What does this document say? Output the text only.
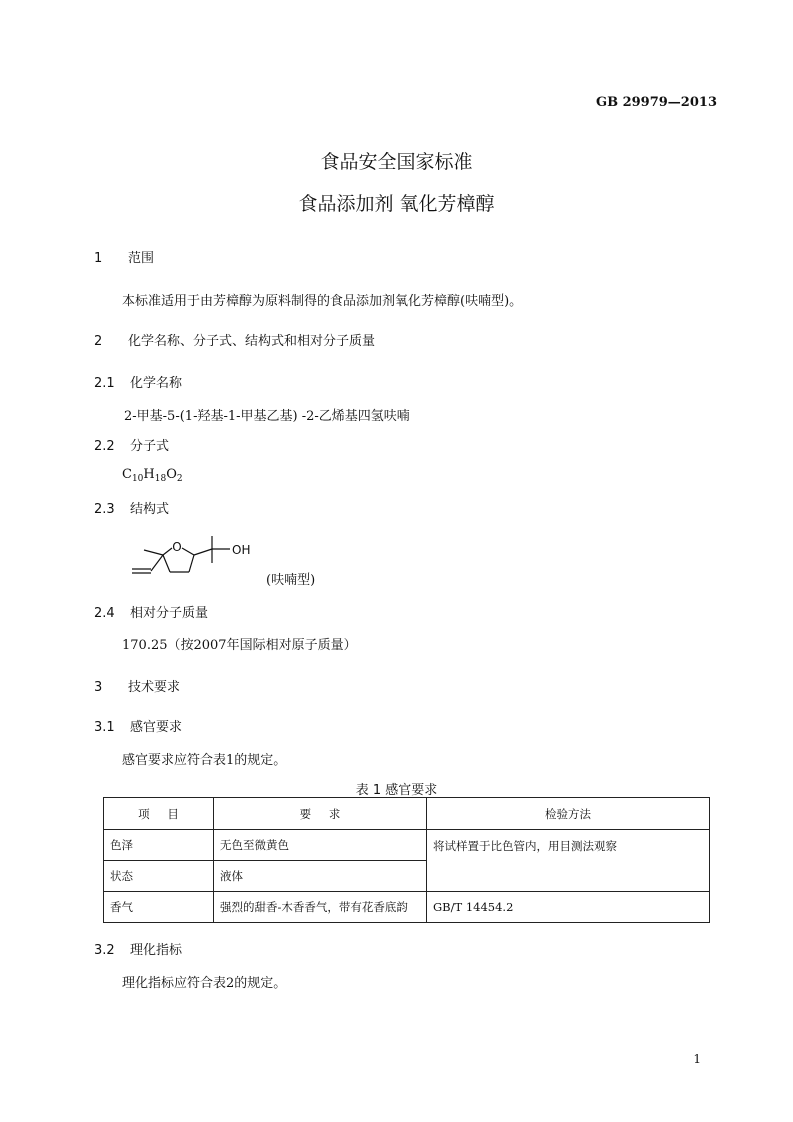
GB 29979—2013
食品安全国家标准
食品添加剂 氧化芳樟醇
1 范围
本标准适用于由芳樟醇为原料制得的食品添加剂氧化芳樟醇(呋喃型)。
2 化学名称、分子式、结构式和相对分子质量
2.1 化学名称
2-甲基-5-(1-羟基-1-甲基乙基) -2-乙烯基四氢呋喃
2.2 分子式
$C_{10}H_{18}O_2$
2.3 结构式
O	OH
(呋喃型)
2.4 相对分子质量
170.25（按2007年国际相对原子质量）
3 技术要求
3.1 感官要求
感官要求应符合表1的规定。
表 1 感官要求
项 目	要 求	检验方法
色泽	无色至微黄色	将试样置于比色管内，用目测法观察
状态	液体	
香气	强烈的甜香-木香香气，带有花香底韵	GB/T 14454.2
3.2 理化指标
理化指标应符合表2的规定。
1
